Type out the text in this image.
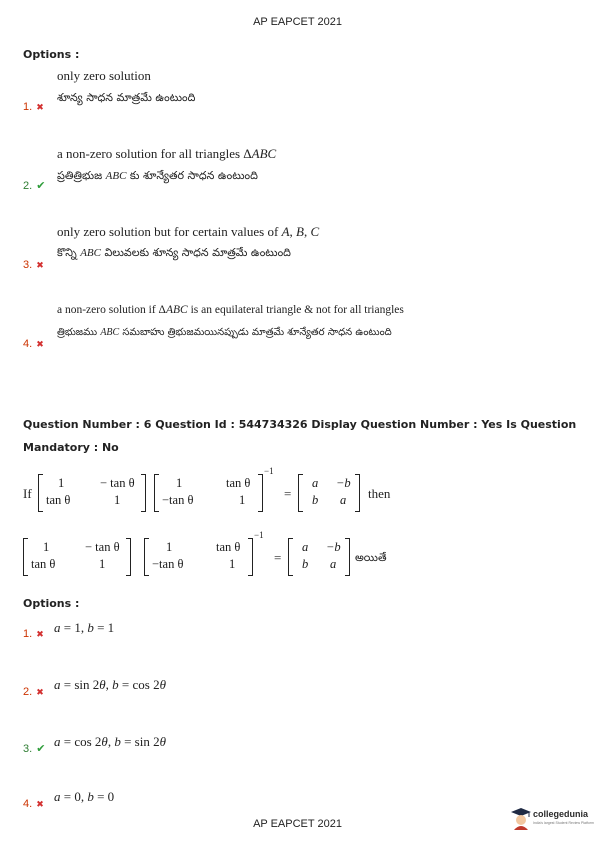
AP EAPCET 2021
Options :
only zero solution
శూన్య సాధన మాత్రమే ఉంటుంది
1. ✖
a non-zero solution for all triangles ΔABC
ప్రతిత్రిభుజ ABC కు శూన్యేతర సాధన ఉంటుంది
2. ✔
only zero solution but for certain values of A, B, C
కొన్ని ABC విలువలకు శూన్య సాధన మాత్రమే ఉంటుంది
3. ✖
a non-zero solution if ΔABC is an equilateral triangle & not for all triangles
త్రిభుజము ABC సమబాహు త్రిభుజమయినప్పుడు మాత్రమే శూన్యేతర సాధన ఉంటుంది
4. ✖
Question Number : 6 Question Id : 544734326 Display Question Number : Yes Is Question
Mandatory : No
If
1	− tan θ
tan θ	1
1	tan θ
−tan θ	1
−1
=
a −b
b a then
1	− tan θ
tan θ	1
1	tan θ
−tan θ	1
−1
=
a −b
b a అయితే
Options :
1. ✖ a = 1, b = 1
2. ✖ a = sin 2θ, b = cos 2θ
3. ✔ a = cos 2θ, b = sin 2θ
4. ✖ a = 0, b = 0
AP EAPCET 2021
collegedunia
India's largest Student Review Platform
